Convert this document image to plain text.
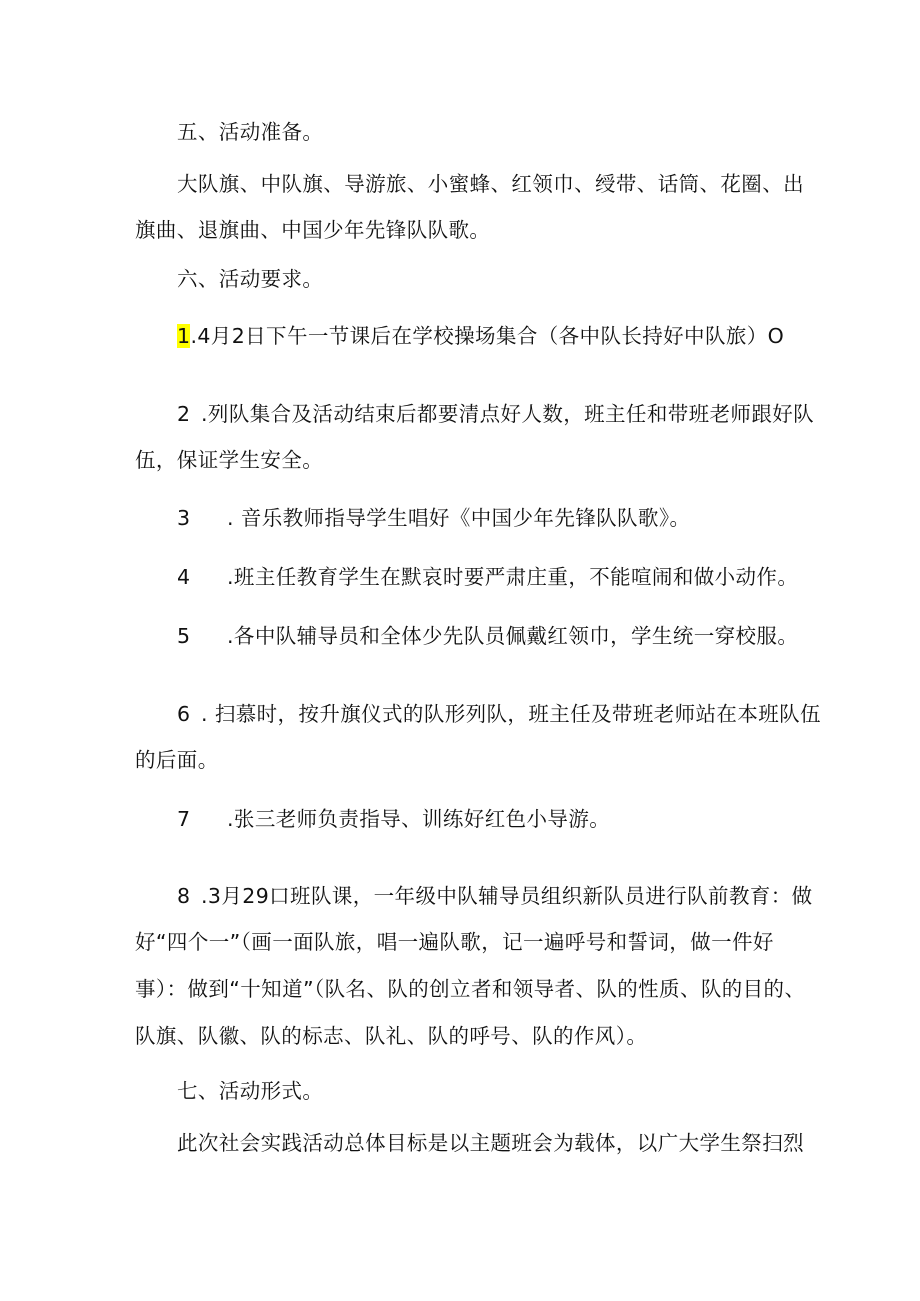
五、活动准备。
大队旗、中队旗、导游旅、小蜜蜂、红领巾、绶带、话筒、花圈、出
旗曲、退旗曲、中国少年先锋队队歌。
六、活动要求。
1.4月2日下午一节课后在学校操场集合（各中队长持好中队旅）O
2 .列队集合及活动结束后都要清点好人数，班主任和带班老师跟好队
伍，保证学生安全。
3 . 音乐教师指导学生唱好《中国少年先锋队队歌》。
4 .班主任教育学生在默哀时要严肃庄重，不能喧闹和做小动作。
5 .各中队辅导员和全体少先队员佩戴红领巾，学生统一穿校服。
6 . 扫慕时，按升旗仪式的队形列队，班主任及带班老师站在本班队伍
的后面。
7 .张三老师负责指导、训练好红色小导游。
8 .3月29口班队课，一年级中队辅导员组织新队员进行队前教育：做
好“四个一”（画一面队旅，唱一遍队歌，记一遍呼号和誓词，做一件好
事）：做到“十知道”（队名、队的创立者和领导者、队的性质、队的目的、
队旗、队徽、队的标志、队礼、队的呼号、队的作风）。
七、活动形式。
此次社会实践活动总体目标是以主题班会为载体，以广大学生祭扫烈
